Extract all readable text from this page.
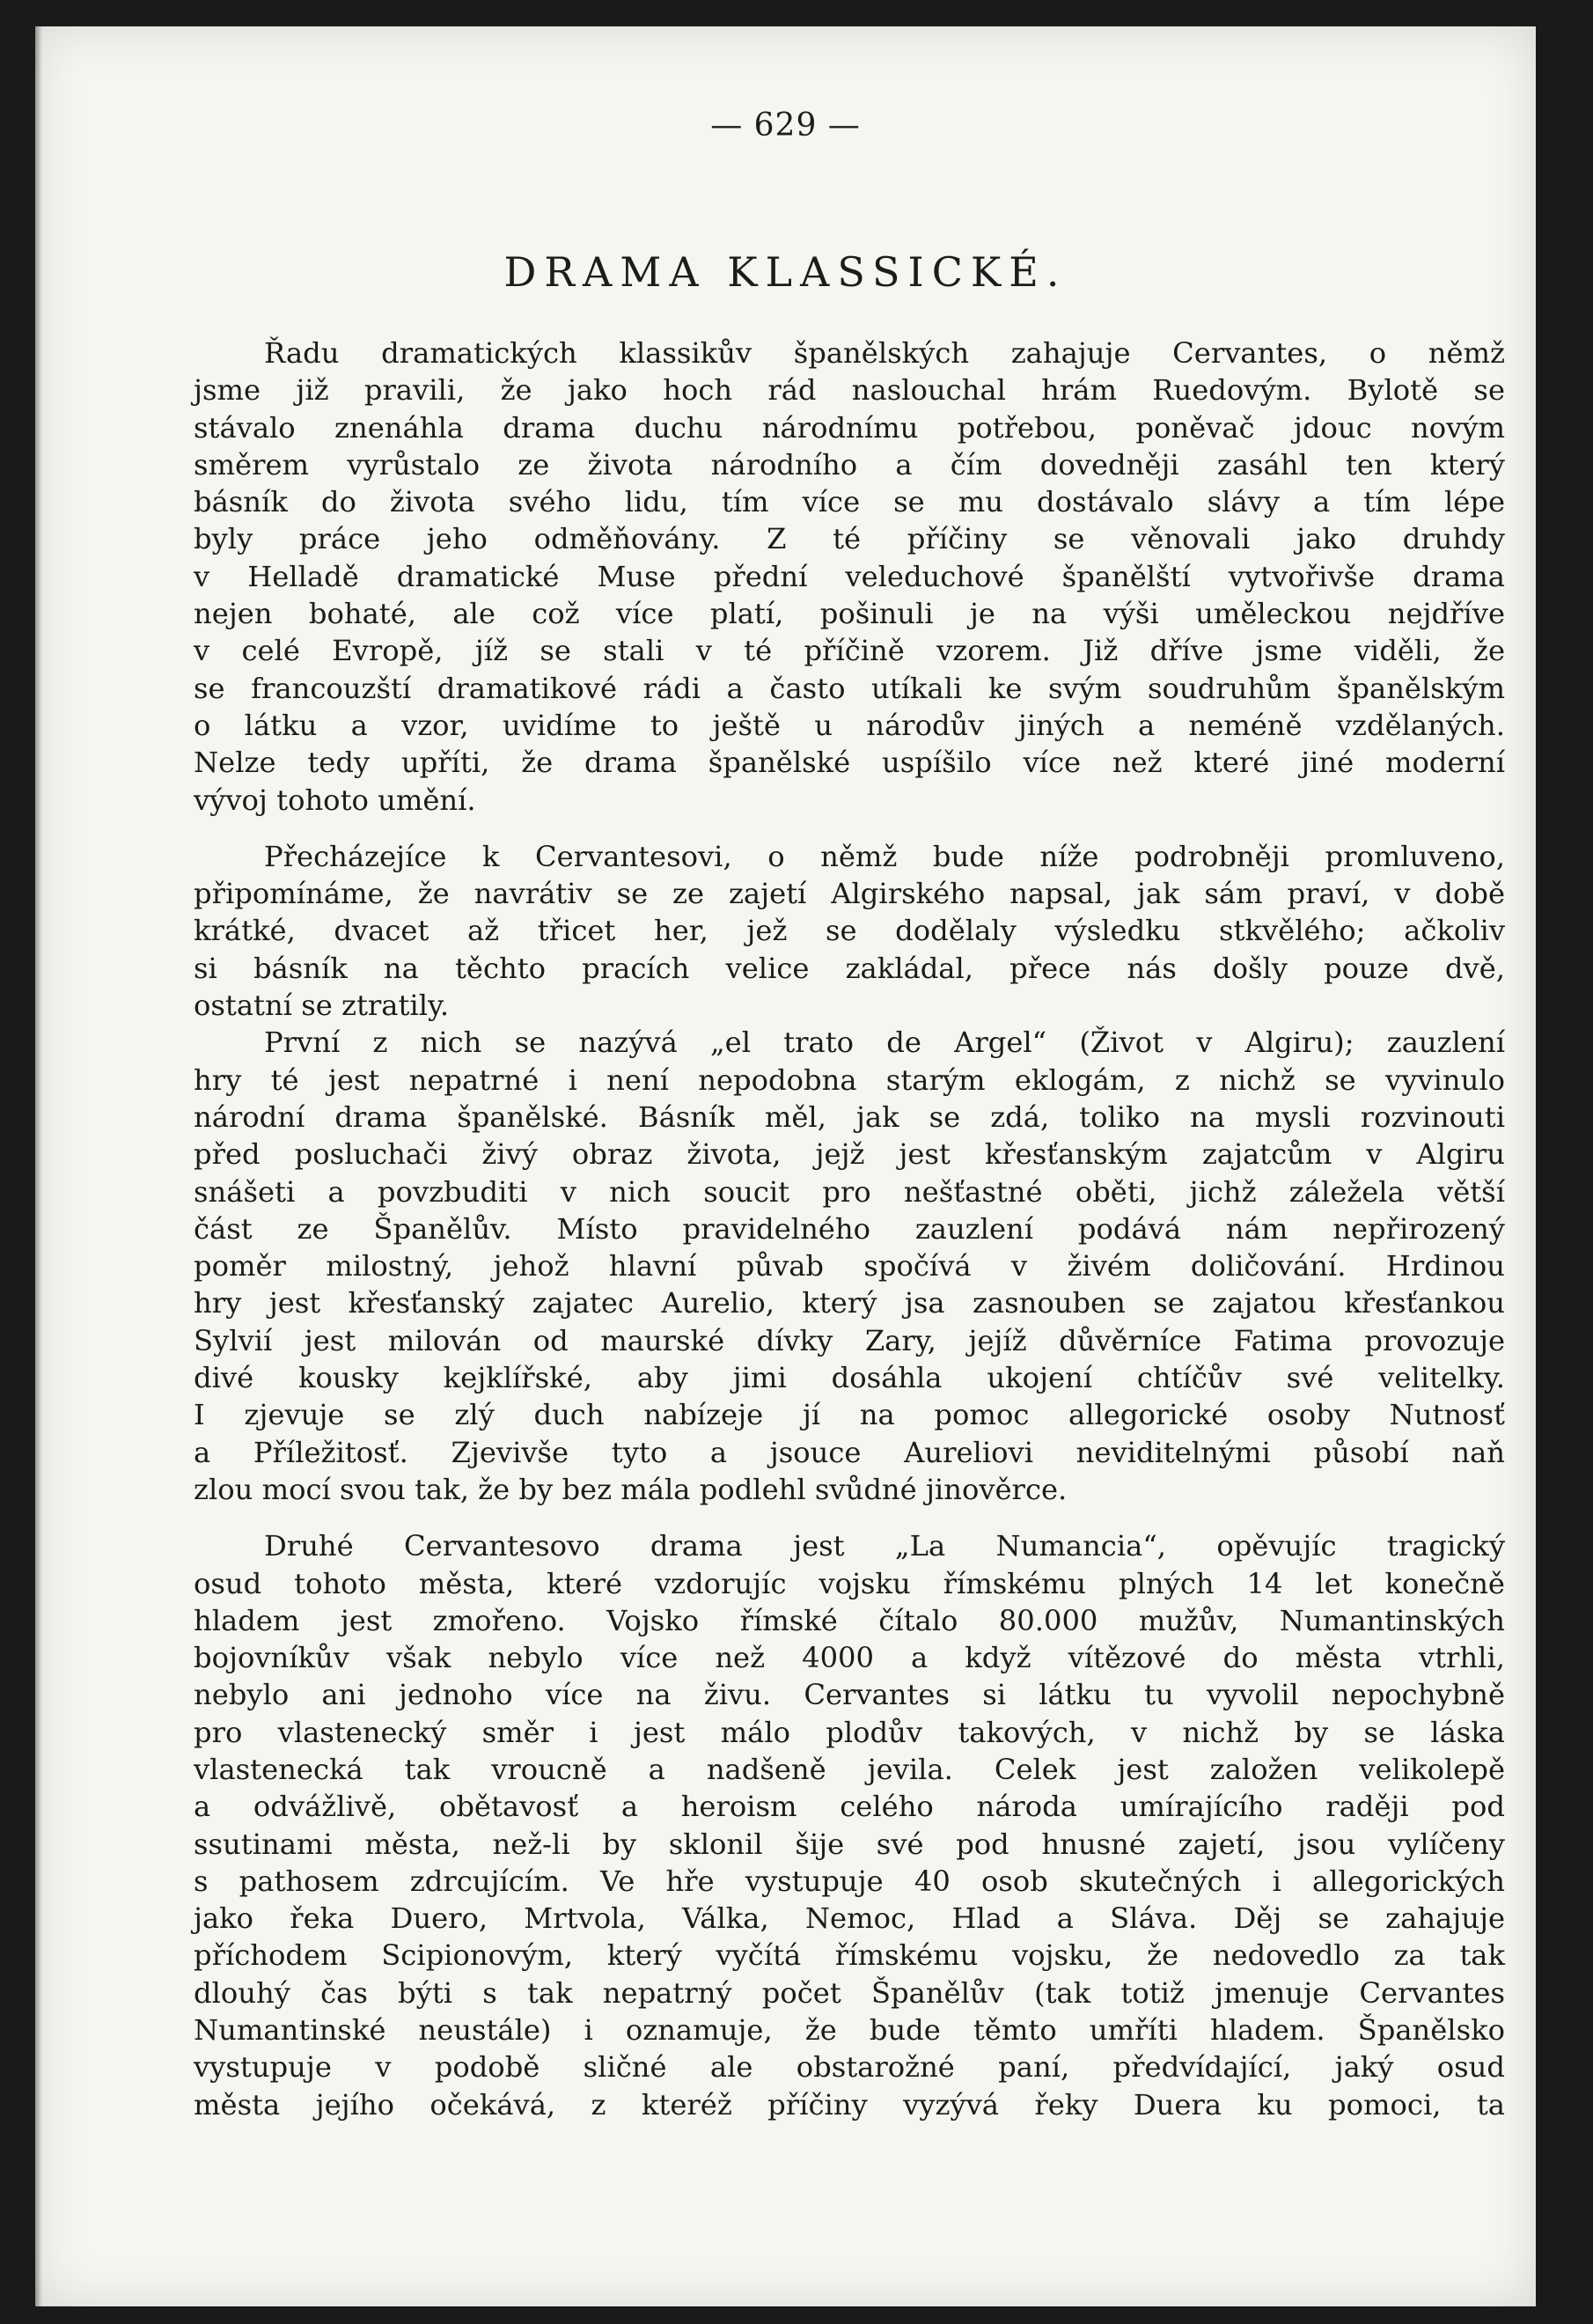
— 629 —
DRAMA KLASSICKÉ.
Řadu dramatických klassikův španělských zahajuje Cervantes, o němž
jsme již pravili, že jako hoch rád naslouchal hrám Ruedovým. Bylotě se
stávalo znenáhla drama duchu národnímu potřebou, poněvač jdouc novým
směrem vyrůstalo ze života národního a čím dovedněji zasáhl ten který
básník do života svého lidu, tím více se mu dostávalo slávy a tím lépe
byly práce jeho odměňovány. Z té příčiny se věnovali jako druhdy
v Helladě dramatické Muse přední veleduchové španělští vytvořivše drama
nejen bohaté, ale což více platí, pošinuli je na výši uměleckou nejdříve
v celé Evropě, jíž se stali v té příčině vzorem. Již dříve jsme viděli, že
se francouzští dramatikové rádi a často utíkali ke svým soudruhům španělským
o látku a vzor, uvidíme to ještě u národův jiných a neméně vzdělaných.
Nelze tedy upříti, že drama španělské uspíšilo více než které jiné moderní
vývoj tohoto umění.
Přecházejíce k Cervantesovi, o němž bude níže podrobněji promluveno,
připomínáme, že navrátiv se ze zajetí Algirského napsal, jak sám praví, v době
krátké, dvacet až třicet her, jež se dodělaly výsledku stkvělého; ačkoliv
si básník na těchto pracích velice zakládal, přece nás došly pouze dvě,
ostatní se ztratily.
První z nich se nazývá „el trato de Argel“ (Život v Algiru); zauzlení
hry té jest nepatrné i není nepodobna starým eklogám, z nichž se vyvinulo
národní drama španělské. Básník měl, jak se zdá, toliko na mysli rozvinouti
před posluchači živý obraz života, jejž jest křesťanským zajatcům v Algiru
snášeti a povzbuditi v nich soucit pro nešťastné oběti, jichž záležela větší
část ze Španělův. Místo pravidelného zauzlení podává nám nepřirozený
poměr milostný, jehož hlavní půvab spočívá v živém doličování. Hrdinou
hry jest křesťanský zajatec Aurelio, který jsa zasnouben se zajatou křesťankou
Sylvií jest milován od maurské dívky Zary, jejíž důvěrníce Fatima provozuje
divé kousky kejklířské, aby jimi dosáhla ukojení chtíčův své velitelky.
I zjevuje se zlý duch nabízeje jí na pomoc allegorické osoby Nutnosť
a Příležitosť. Zjevivše tyto a jsouce Aureliovi neviditelnými působí naň
zlou mocí svou tak, že by bez mála podlehl svůdné jinověrce.
Druhé Cervantesovo drama jest „La Numancia“, opěvujíc tragický
osud tohoto města, které vzdorujíc vojsku římskému plných 14 let konečně
hladem jest zmořeno. Vojsko římské čítalo 80.000 mužův, Numantinských
bojovníkův však nebylo více než 4000 a když vítězové do města vtrhli,
nebylo ani jednoho více na živu. Cervantes si látku tu vyvolil nepochybně
pro vlastenecký směr i jest málo plodův takových, v nichž by se láska
vlastenecká tak vroucně a nadšeně jevila. Celek jest založen velikolepě
a odvážlivě, obětavosť a heroism celého národa umírajícího raději pod
ssutinami města, než-li by sklonil šije své pod hnusné zajetí, jsou vylíčeny
s pathosem zdrcujícím. Ve hře vystupuje 40 osob skutečných i allegorických
jako řeka Duero, Mrtvola, Válka, Nemoc, Hlad a Sláva. Děj se zahajuje
příchodem Scipionovým, který vyčítá římskému vojsku, že nedovedlo za tak
dlouhý čas býti s tak nepatrný počet Španělův (tak totiž jmenuje Cervantes
Numantinské neustále) i oznamuje, že bude těmto umříti hladem. Španělsko
vystupuje v podobě sličné ale obstarožné paní, předvídající, jaký osud
města jejího očekává, z kteréž příčiny vyzývá řeky Duera ku pomoci, ta
